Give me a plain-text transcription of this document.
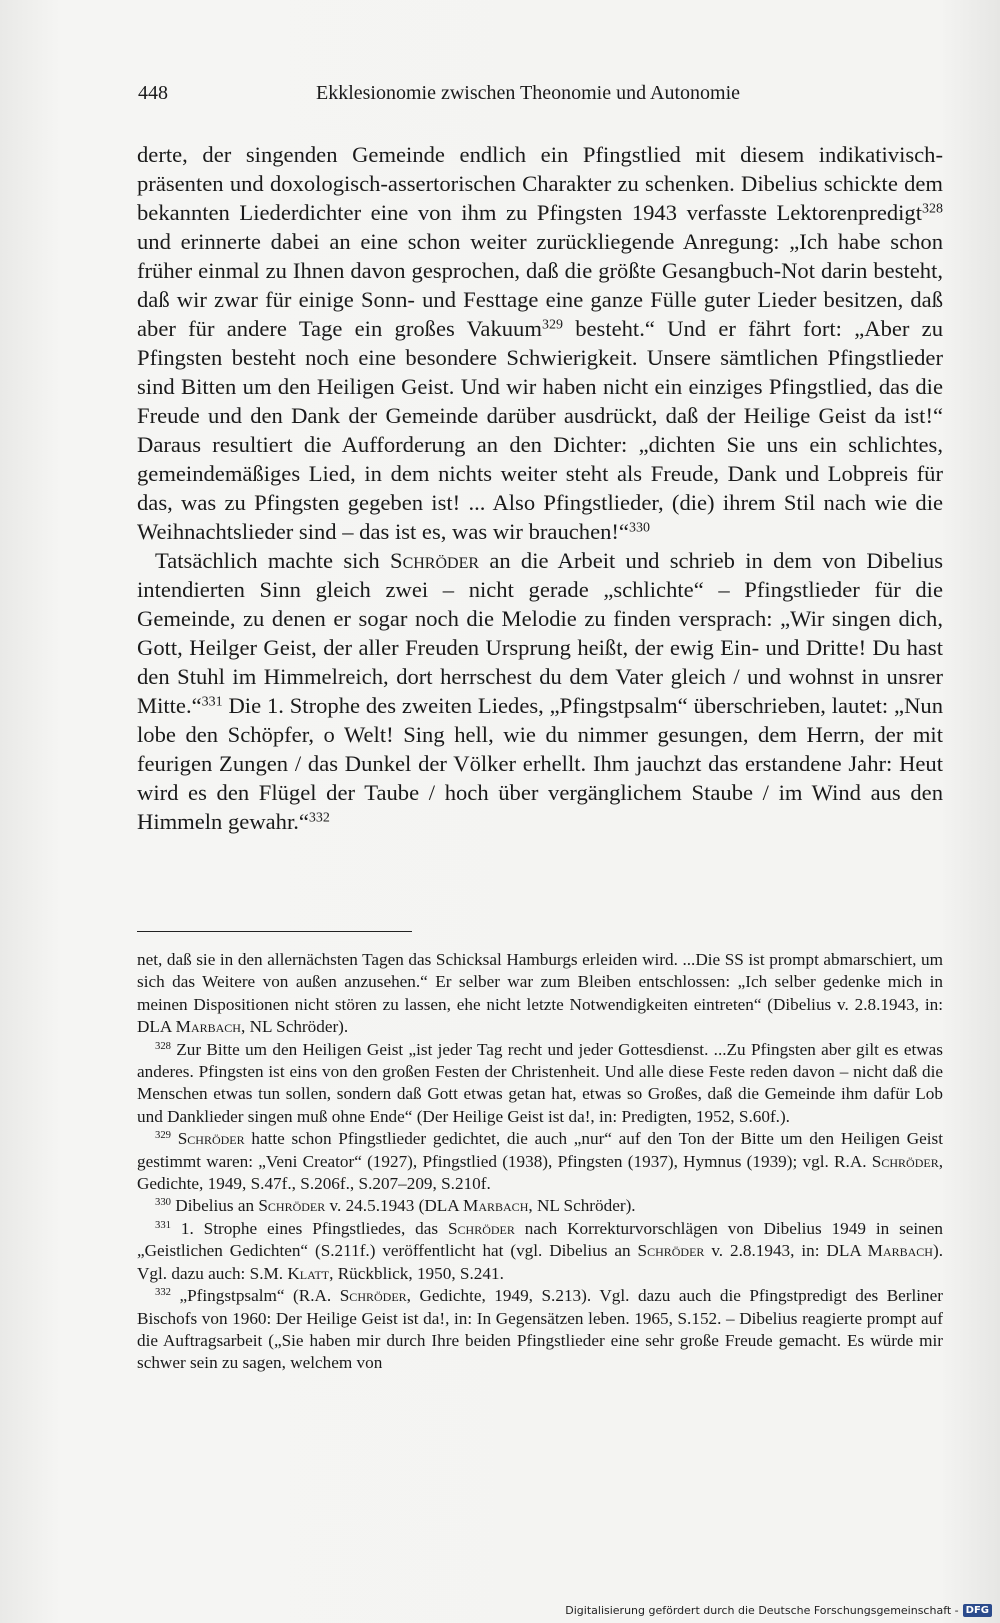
448	Ekklesionomie zwischen Theonomie und Autonomie

derte, der singenden Gemeinde endlich ein Pfingstlied mit diesem indikativisch-präsenten und doxologisch-assertorischen Charakter zu schenken. Dibelius schickte dem bekannten Liederdichter eine von ihm zu Pfingsten 1943 verfasste Lektorenpredigt$^{328}$ und erinnerte dabei an eine schon weiter zurückliegende Anregung: „Ich habe schon früher einmal zu Ihnen davon gesprochen, daß die größte Gesangbuch-Not darin besteht, daß wir zwar für einige Sonn- und Festtage eine ganze Fülle guter Lieder besitzen, daß aber für andere Tage ein großes Vakuum$^{329}$ besteht.“ Und er fährt fort: „Aber zu Pfingsten besteht noch eine besondere Schwierigkeit. Unsere sämtlichen Pfingstlieder sind Bitten um den Heiligen Geist. Und wir haben nicht ein einziges Pfingstlied, das die Freude und den Dank der Gemeinde darüber ausdrückt, daß der Heilige Geist da ist!“ Daraus resultiert die Aufforderung an den Dichter: „dichten Sie uns ein schlichtes, gemeindemäßiges Lied, in dem nichts weiter steht als Freude, Dank und Lobpreis für das, was zu Pfingsten gegeben ist! ... Also Pfingstlieder, (die) ihrem Stil nach wie die Weihnachtslieder sind – das ist es, was wir brauchen!“$^{330}$

Tatsächlich machte sich Schröder an die Arbeit und schrieb in dem von Dibelius intendierten Sinn gleich zwei – nicht gerade „schlichte“ – Pfingstlieder für die Gemeinde, zu denen er sogar noch die Melodie zu finden versprach: „Wir singen dich, Gott, Heilger Geist, der aller Freuden Ursprung heißt, der ewig Ein- und Dritte! Du hast den Stuhl im Himmelreich, dort herrschest du dem Vater gleich / und wohnst in unsrer Mitte.“$^{331}$ Die 1. Strophe des zweiten Liedes, „Pfingstpsalm“ überschrieben, lautet: „Nun lobe den Schöpfer, o Welt! Sing hell, wie du nimmer gesungen, dem Herrn, der mit feurigen Zungen / das Dunkel der Völker erhellt. Ihm jauchzt das erstandene Jahr: Heut wird es den Flügel der Taube / hoch über vergänglichem Staube / im Wind aus den Himmeln gewahr.“$^{332}$

net, daß sie in den allernächsten Tagen das Schicksal Hamburgs erleiden wird. ...Die SS ist prompt abmarschiert, um sich das Weitere von außen anzusehen.“ Er selber war zum Bleiben entschlossen: „Ich selber gedenke mich in meinen Dispositionen nicht stören zu lassen, ehe nicht letzte Notwendigkeiten eintreten“ (Dibelius v. 2.8.1943, in: DLA Marbach, NL Schröder).

$^{328}$ Zur Bitte um den Heiligen Geist „ist jeder Tag recht und jeder Gottesdienst. ...Zu Pfingsten aber gilt es etwas anderes. Pfingsten ist eins von den großen Festen der Christenheit. Und alle diese Feste reden davon – nicht daß die Menschen etwas tun sollen, sondern daß Gott etwas getan hat, etwas so Großes, daß die Gemeinde ihm dafür Lob und Danklieder singen muß ohne Ende“ (Der Heilige Geist ist da!, in: Predigten, 1952, S.60f.).

$^{329}$ Schröder hatte schon Pfingstlieder gedichtet, die auch „nur“ auf den Ton der Bitte um den Heiligen Geist gestimmt waren: „Veni Creator“ (1927), Pfingstlied (1938), Pfingsten (1937), Hymnus (1939); vgl. R.A. Schröder, Gedichte, 1949, S.47f., S.206f., S.207–209, S.210f.

$^{330}$ Dibelius an Schröder v. 24.5.1943 (DLA Marbach, NL Schröder).

$^{331}$ 1. Strophe eines Pfingstliedes, das Schröder nach Korrekturvorschlägen von Dibelius 1949 in seinen „Geistlichen Gedichten“ (S.211f.) veröffentlicht hat (vgl. Dibelius an Schröder v. 2.8.1943, in: DLA Marbach). Vgl. dazu auch: S.M. Klatt, Rückblick, 1950, S.241.

$^{332}$ „Pfingstpsalm“ (R.A. Schröder, Gedichte, 1949, S.213). Vgl. dazu auch die Pfingstpredigt des Berliner Bischofs von 1960: Der Heilige Geist ist da!, in: In Gegensätzen leben. 1965, S.152. – Dibelius reagierte prompt auf die Auftragsarbeit („Sie haben mir durch Ihre beiden Pfingstlieder eine sehr große Freude gemacht. Es würde mir schwer sein zu sagen, welchem von

Digitalisierung gefördert durch die Deutsche Forschungsgemeinschaft - DFG
